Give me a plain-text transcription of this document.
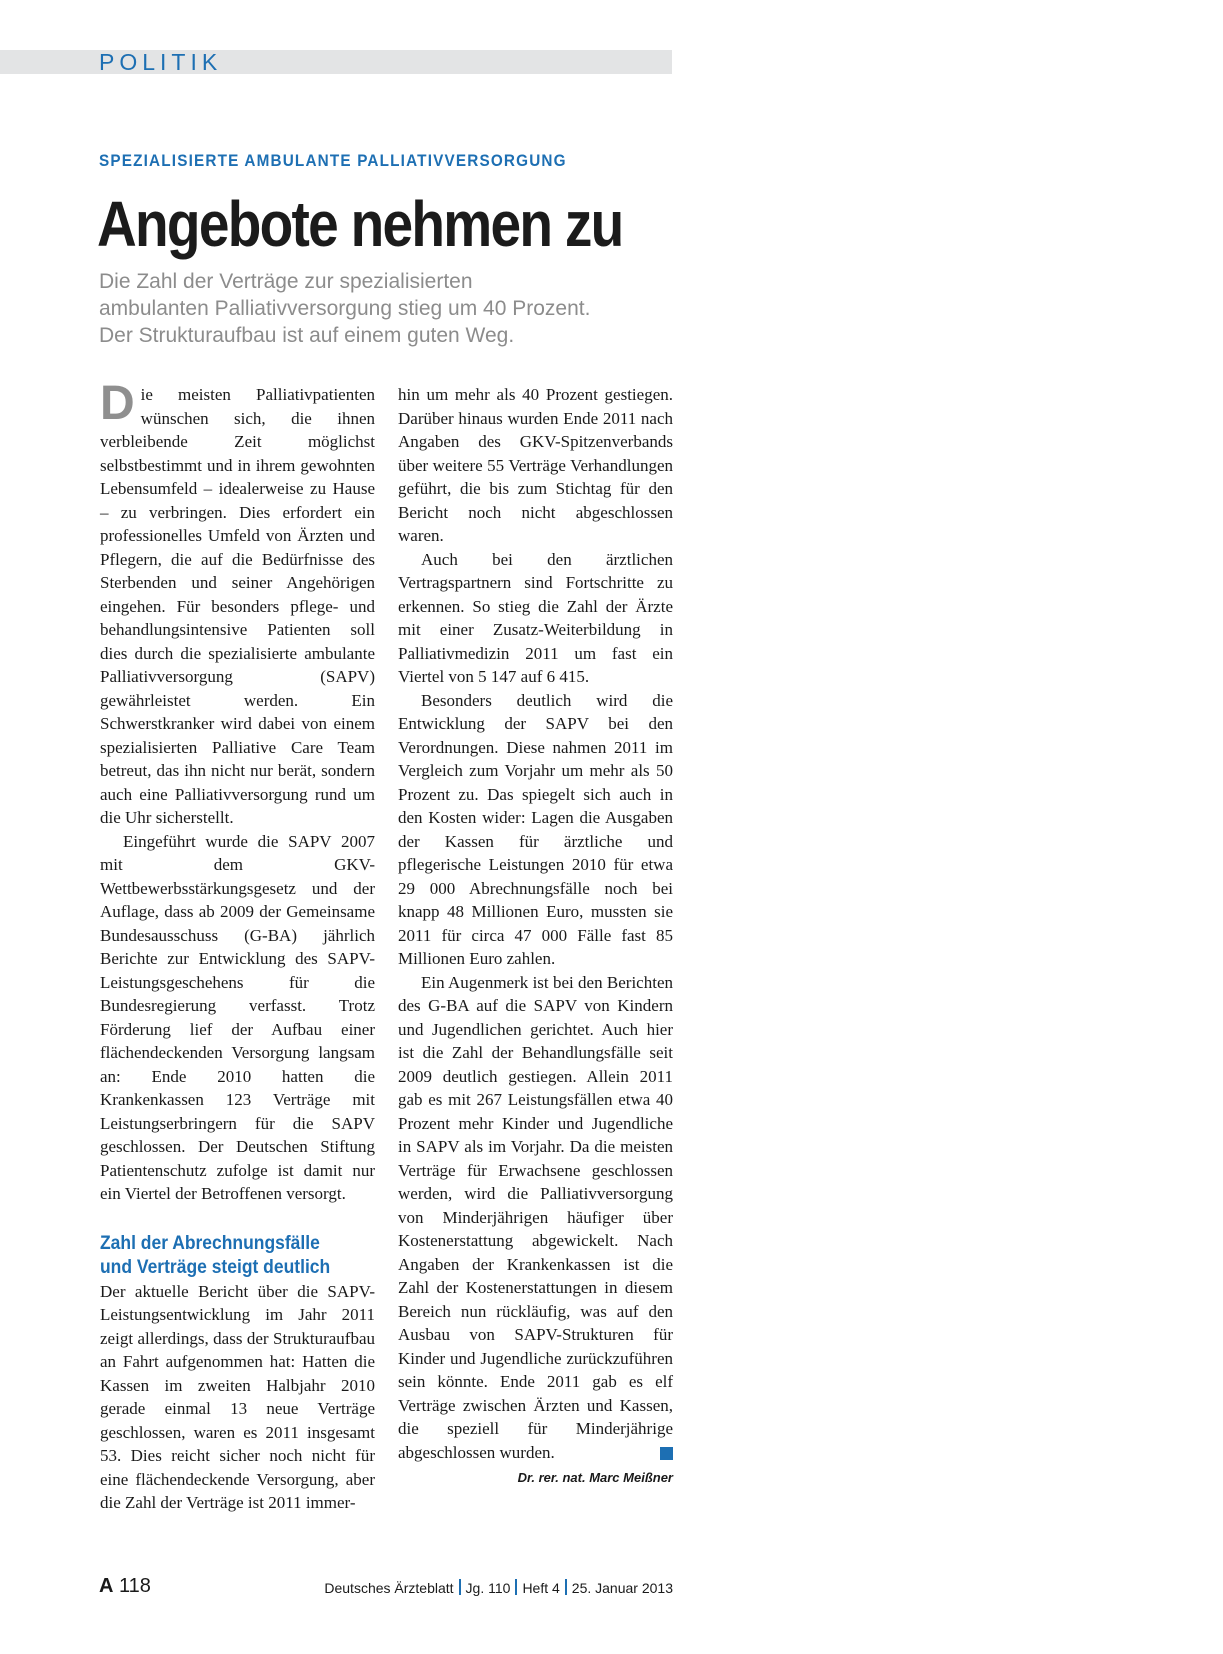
POLITIK
SPEZIALISIERTE AMBULANTE PALLIATIVVERSORGUNG
Angebote nehmen zu
Die Zahl der Verträge zur spezialisierten
ambulanten Palliativversorgung stieg um 40 Prozent.
Der Strukturaufbau ist auf einem guten Weg.

Die meisten Palliativpatienten wünschen sich, die ihnen verbleibende Zeit möglichst selbstbestimmt und in ihrem gewohnten Lebensumfeld – idealerweise zu Hause – zu verbringen. Dies erfordert ein professionelles Umfeld von Ärzten und Pflegern, die auf die Bedürfnisse des Sterbenden und seiner Angehörigen eingehen. Für besonders pflege- und behandlungsintensive Patienten soll dies durch die spezialisierte ambulante Palliativversorgung (SAPV) gewährleistet werden. Ein Schwerstkranker wird dabei von einem spezialisierten Palliative Care Team betreut, das ihn nicht nur berät, sondern auch eine Palliativversorgung rund um die Uhr sicherstellt.

Eingeführt wurde die SAPV 2007 mit dem GKV-Wettbewerbsstärkungsgesetz und der Auflage, dass ab 2009 der Gemeinsame Bundesausschuss (G-BA) jährlich Berichte zur Entwicklung des SAPV-Leistungsgeschehens für die Bundesregierung verfasst. Trotz Förderung lief der Aufbau einer flächendeckenden Versorgung langsam an: Ende 2010 hatten die Krankenkassen 123 Verträge mit Leistungserbringern für die SAPV geschlossen. Der Deutschen Stiftung Patientenschutz zufolge ist damit nur ein Viertel der Betroffenen versorgt.

Zahl der Abrechnungsfälle
und Verträge steigt deutlich

Der aktuelle Bericht über die SAPV-Leistungsentwicklung im Jahr 2011 zeigt allerdings, dass der Strukturaufbau an Fahrt aufgenommen hat: Hatten die Kassen im zweiten Halbjahr 2010 gerade einmal 13 neue Verträge geschlossen, waren es 2011 insgesamt 53. Dies reicht sicher noch nicht für eine flächendeckende Versorgung, aber die Zahl der Verträge ist 2011 immer-

hin um mehr als 40 Prozent gestiegen. Darüber hinaus wurden Ende 2011 nach Angaben des GKV-Spitzenverbands über weitere 55 Verträge Verhandlungen geführt, die bis zum Stichtag für den Bericht noch nicht abgeschlossen waren.

Auch bei den ärztlichen Vertragspartnern sind Fortschritte zu erkennen. So stieg die Zahl der Ärzte mit einer Zusatz-Weiterbildung in Palliativmedizin 2011 um fast ein Viertel von 5 147 auf 6 415.

Besonders deutlich wird die Entwicklung der SAPV bei den Verordnungen. Diese nahmen 2011 im Vergleich zum Vorjahr um mehr als 50 Prozent zu. Das spiegelt sich auch in den Kosten wider: Lagen die Ausgaben der Kassen für ärztliche und pflegerische Leistungen 2010 für etwa 29 000 Abrechnungsfälle noch bei knapp 48 Millionen Euro, mussten sie 2011 für circa 47 000 Fälle fast 85 Millionen Euro zahlen.

Ein Augenmerk ist bei den Berichten des G-BA auf die SAPV von Kindern und Jugendlichen gerichtet. Auch hier ist die Zahl der Behandlungsfälle seit 2009 deutlich gestiegen. Allein 2011 gab es mit 267 Leistungsfällen etwa 40 Prozent mehr Kinder und Jugendliche in SAPV als im Vorjahr. Da die meisten Verträge für Erwachsene geschlossen werden, wird die Palliativversorgung von Minderjährigen häufiger über Kostenerstattung abgewickelt. Nach Angaben der Krankenkassen ist die Zahl der Kostenerstattungen in diesem Bereich nun rückläufig, was auf den Ausbau von SAPV-Strukturen für Kinder und Jugendliche zurückzuführen sein könnte. Ende 2011 gab es elf Verträge zwischen Ärzten und Kassen, die speziell für Minderjährige abgeschlossen wurden.

Dr. rer. nat. Marc Meißner
A 118	Deutsches Ärzteblatt Jg. 110 Heft 4 25. Januar 2013
